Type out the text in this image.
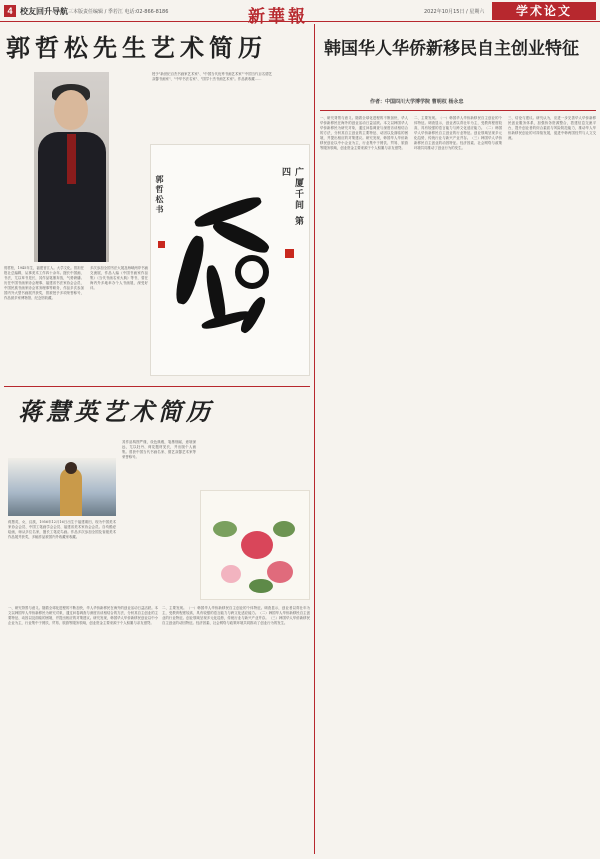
4 校友回升导航 三本版责任编辑 / 季若江 电话:02-866-8186	新華報	2022年10月15日 / 星期六	学术论文
郭哲松先生艺术简历
授予"新世纪百杰书画家艺术家"、"中国当代优秀书画艺术家""中国当代百名德艺双馨书画家"、"中华书法名家"、"国学十杰书画艺术家"。作品被收藏……
广厦千间 第四
郭哲松书
郭哲松，1945年生，福建晋江人。大学文化。曾担任报社总编辑，从事美术工作四十余年。擅长中国画、书法，尤以草书见长，其作品笔墨奔放，气势磅礴。历任中国书画家协会理事、福建省书法家协会会员、中国民族书画家协会常务理事等职务，作品多次参加国内外大型书画展并获奖，曾被授予多项荣誉称号，作品被多家博物馆、纪念馆收藏。
多次参加全国书法大展及海峡两岸书画交流展，作品入编《中国书画家作品集》《当代书画名家大典》等书，曾在海内外多地举办个人书画展，深受好评。
蒋慧英艺术简历
蒋慧英，女，汉族，1956年12月16日出生于福建莆田，现为中国美术家协会会员、中国工笔画学会会员、福建省美术家协会会员。自幼酷爱绘画，师从多位名家，擅长工笔花鸟画。作品多次参加全国及省级美术作品展并获奖，多幅作品被国内外收藏家收藏。
其作品构图严谨，设色典雅，笔墨细腻，意境深远，尤以牡丹、荷花题材见长，并出版个人画集。曾获中国当代书画名家、德艺双馨艺术家等荣誉称号。
一、研究背景与意义。随着全球化进程的不断加快，华人华侨新移民在海外的创业活动日益活跃。本文以韩国华人华侨新移民为研究对象，通过问卷调查与深度访谈相结合的方法，分析其自主创业的主要特征、动因以及面临的困境，并提出相应的对策建议。研究发现，韩国华人华侨新移民创业以中小企业为主，行业集中于餐饮、贸易、旅游等服务领域，创业资金主要来源于个人积累与亲友借贷。
二、主要发现。（一）韩国华人华侨新移民自主创业的个体特征。调查显示，创业者以青壮年为主，受教育程度较高，具有较强的语言能力与跨文化适应能力。（二）韩国华人华侨新移民自主创业的行业特征。创业领域呈现多元化趋势，传统行业与新兴产业并存。（三）韩国华人华侨新移民自主创业的动因特征。经济因素、社会网络与政策环境共同推动了创业行为的发生。
韩国华人华侨新移民自主创业特征
作者：中国四川大学博学院 曹明权 杨永忠
一、研究背景与意义。随着全球化进程的不断加快，华人华侨新移民在海外的创业活动日益活跃。本文以韩国华人华侨新移民为研究对象，通过问卷调查与深度访谈相结合的方法，分析其自主创业的主要特征、动因以及面临的困境，并提出相应的对策建议。研究发现，韩国华人华侨新移民创业以中小企业为主，行业集中于餐饮、贸易、旅游等服务领域，创业资金主要来源于个人积累与亲友借贷。
二、主要发现。（一）韩国华人华侨新移民自主创业的个体特征。调查显示，创业者以青壮年为主，受教育程度较高，具有较强的语言能力与跨文化适应能力。（二）韩国华人华侨新移民自主创业的行业特征。创业领域呈现多元化趋势，传统行业与新兴产业并存。（三）韩国华人华侨新移民自主创业的动因特征。经济因素、社会网络与政策环境共同推动了创业行为的发生。
三、结论与建议。研究认为，应进一步完善华人华侨新移民创业服务体系，加强侨务资源整合，搭建信息交流平台，提升创业者的综合素质与风险防范能力，推动华人华侨新移民创业的可持续发展，促进中韩两国经贸与人文交流。
